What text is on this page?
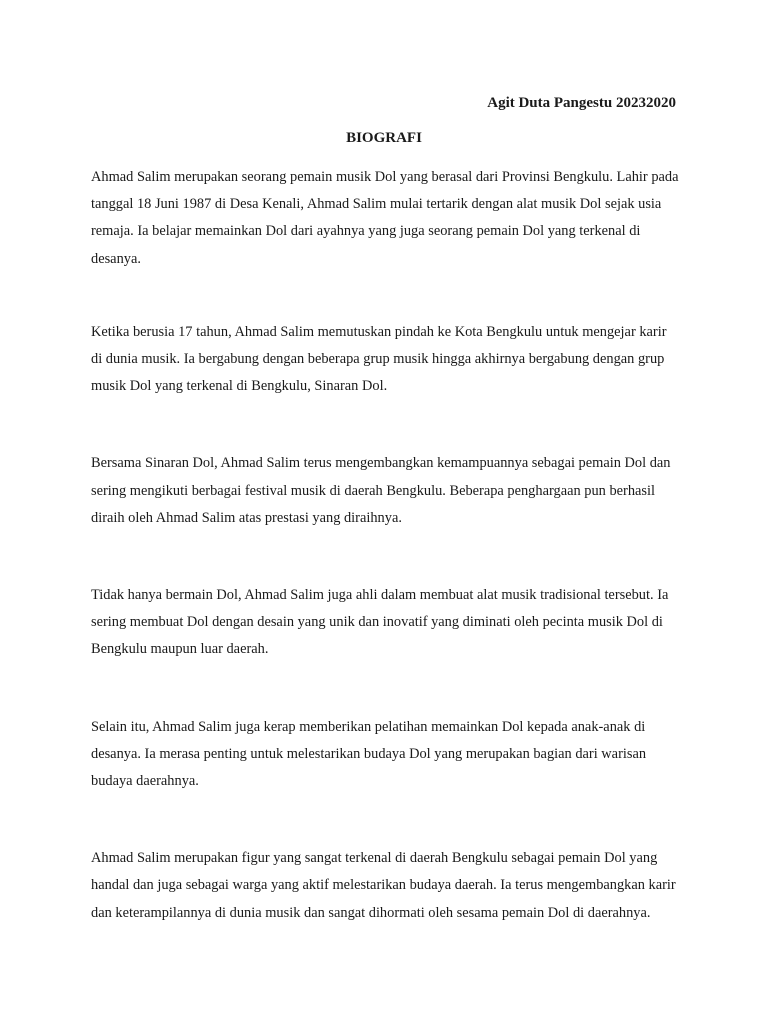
Agit Duta Pangestu 20232020

BIOGRAFI

Ahmad Salim merupakan seorang pemain musik Dol yang berasal dari Provinsi Bengkulu. Lahir pada tanggal 18 Juni 1987 di Desa Kenali, Ahmad Salim mulai tertarik dengan alat musik Dol sejak usia remaja. Ia belajar memainkan Dol dari ayahnya yang juga seorang pemain Dol yang terkenal di desanya.

Ketika berusia 17 tahun, Ahmad Salim memutuskan pindah ke Kota Bengkulu untuk mengejar karir di dunia musik. Ia bergabung dengan beberapa grup musik hingga akhirnya bergabung dengan grup musik Dol yang terkenal di Bengkulu, Sinaran Dol.

Bersama Sinaran Dol, Ahmad Salim terus mengembangkan kemampuannya sebagai pemain Dol dan sering mengikuti berbagai festival musik di daerah Bengkulu. Beberapa penghargaan pun berhasil diraih oleh Ahmad Salim atas prestasi yang diraihnya.

Tidak hanya bermain Dol, Ahmad Salim juga ahli dalam membuat alat musik tradisional tersebut. Ia sering membuat Dol dengan desain yang unik dan inovatif yang diminati oleh pecinta musik Dol di Bengkulu maupun luar daerah.

Selain itu, Ahmad Salim juga kerap memberikan pelatihan memainkan Dol kepada anak-anak di desanya. Ia merasa penting untuk melestarikan budaya Dol yang merupakan bagian dari warisan budaya daerahnya.

Ahmad Salim merupakan figur yang sangat terkenal di daerah Bengkulu sebagai pemain Dol yang handal dan juga sebagai warga yang aktif melestarikan budaya daerah. Ia terus mengembangkan karir dan keterampilannya di dunia musik dan sangat dihormati oleh sesama pemain Dol di daerahnya.
